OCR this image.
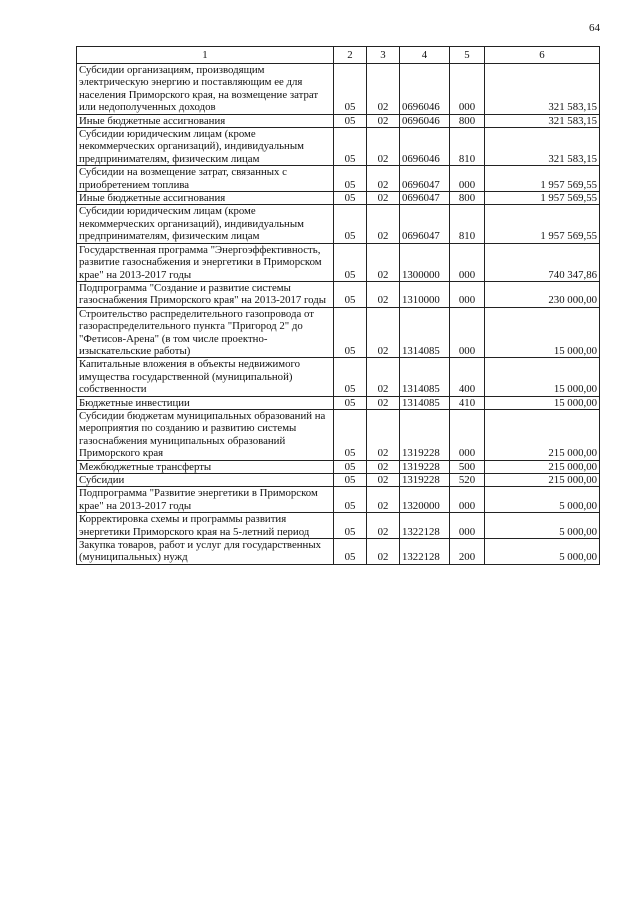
64
1	2	3	4	5	6
Субсидии организациям, производящим электрическую энергию и поставляющим ее для населения Приморского края, на возмещение затрат или недополученных доходов	05	02	0696046	000	321 583,15
Иные бюджетные ассигнования	05	02	0696046	800	321 583,15
Субсидии юридическим лицам (кроме некоммерческих организаций), индивидуальным предпринимателям, физическим лицам	05	02	0696046	810	321 583,15
Субсидии на возмещение затрат, связанных с приобретением топлива	05	02	0696047	000	1 957 569,55
Иные бюджетные ассигнования	05	02	0696047	800	1 957 569,55
Субсидии юридическим лицам (кроме некоммерческих организаций), индивидуальным предпринимателям, физическим лицам	05	02	0696047	810	1 957 569,55
Государственная программа "Энергоэффективность, развитие газоснабжения и энергетики в Приморском крае" на 2013-2017 годы	05	02	1300000	000	740 347,86
Подпрограмма "Создание и развитие системы газоснабжения Приморского края" на 2013-2017 годы	05	02	1310000	000	230 000,00
Строительство распределительного газопровода от газораспределительного пункта "Пригород 2" до "Фетисов-Арена" (в том числе проектно-изыскательские работы)	05	02	1314085	000	15 000,00
Капитальные вложения в объекты недвижимого имущества государственной (муниципальной) собственности	05	02	1314085	400	15 000,00
Бюджетные инвестиции	05	02	1314085	410	15 000,00
Субсидии бюджетам муниципальных образований на мероприятия по созданию и развитию системы газоснабжения муниципальных образований Приморского края	05	02	1319228	000	215 000,00
Межбюджетные трансферты	05	02	1319228	500	215 000,00
Субсидии	05	02	1319228	520	215 000,00
Подпрограмма "Развитие энергетики в Приморском крае" на 2013-2017 годы	05	02	1320000	000	5 000,00
Корректировка схемы и программы развития энергетики Приморского края на 5-летний период	05	02	1322128	000	5 000,00
Закупка товаров, работ и услуг для государственных (муниципальных) нужд	05	02	1322128	200	5 000,00
